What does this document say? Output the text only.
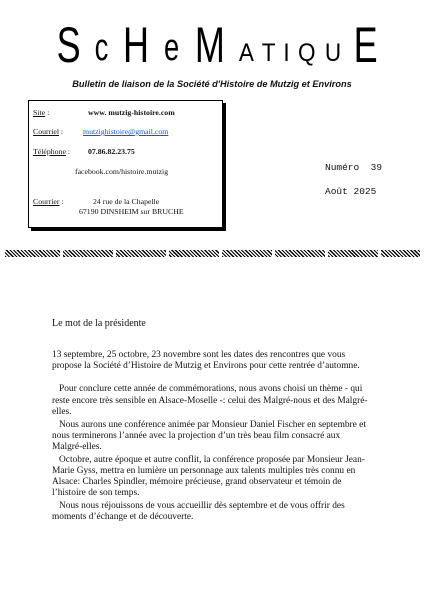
S c H e M A T I Q U E
Bulletin de liaison de la Société d'Histoire de Mutzig et Environs
Site :	www. mutzig-histoire.com
Courriel :	mutzighistoire@gmail.com
Téléphone : 07.86.82.23.75
facebook.com/histoire.mutzig
Courrier :	24 rue de la Chapelle
67190 DINSHEIM sur BRUCHE
Numéro 39
Août 2025
Le mot de la présidente

13 septembre, 25 octobre, 23 novembre sont les dates des rencontres que vous propose la Société d’Histoire de Mutzig et Environs pour cette rentrée d’automne.

Pour conclure cette année de commémorations, nous avons choisi un thème - qui reste encore très sensible en Alsace-Moselle -: celui des Malgré-nous et des Malgré-elles.

Nous aurons une conférence animée par Monsieur Daniel Fischer en septembre et nous terminerons l’année avec la projection d’un très beau film consacré aux Malgré-elles.

Octobre, autre époque et autre conflit, la conférence proposée par Monsieur Jean-Marie Gyss, mettra en lumière un personnage aux talents multiples très connu en Alsace: Charles Spindler, mémoire précieuse, grand observateur et témoin de l’histoire de son temps.

Nous nous réjouissons de vous accueillir dès septembre et de vous offrir des moments d’échange et de découverte.
